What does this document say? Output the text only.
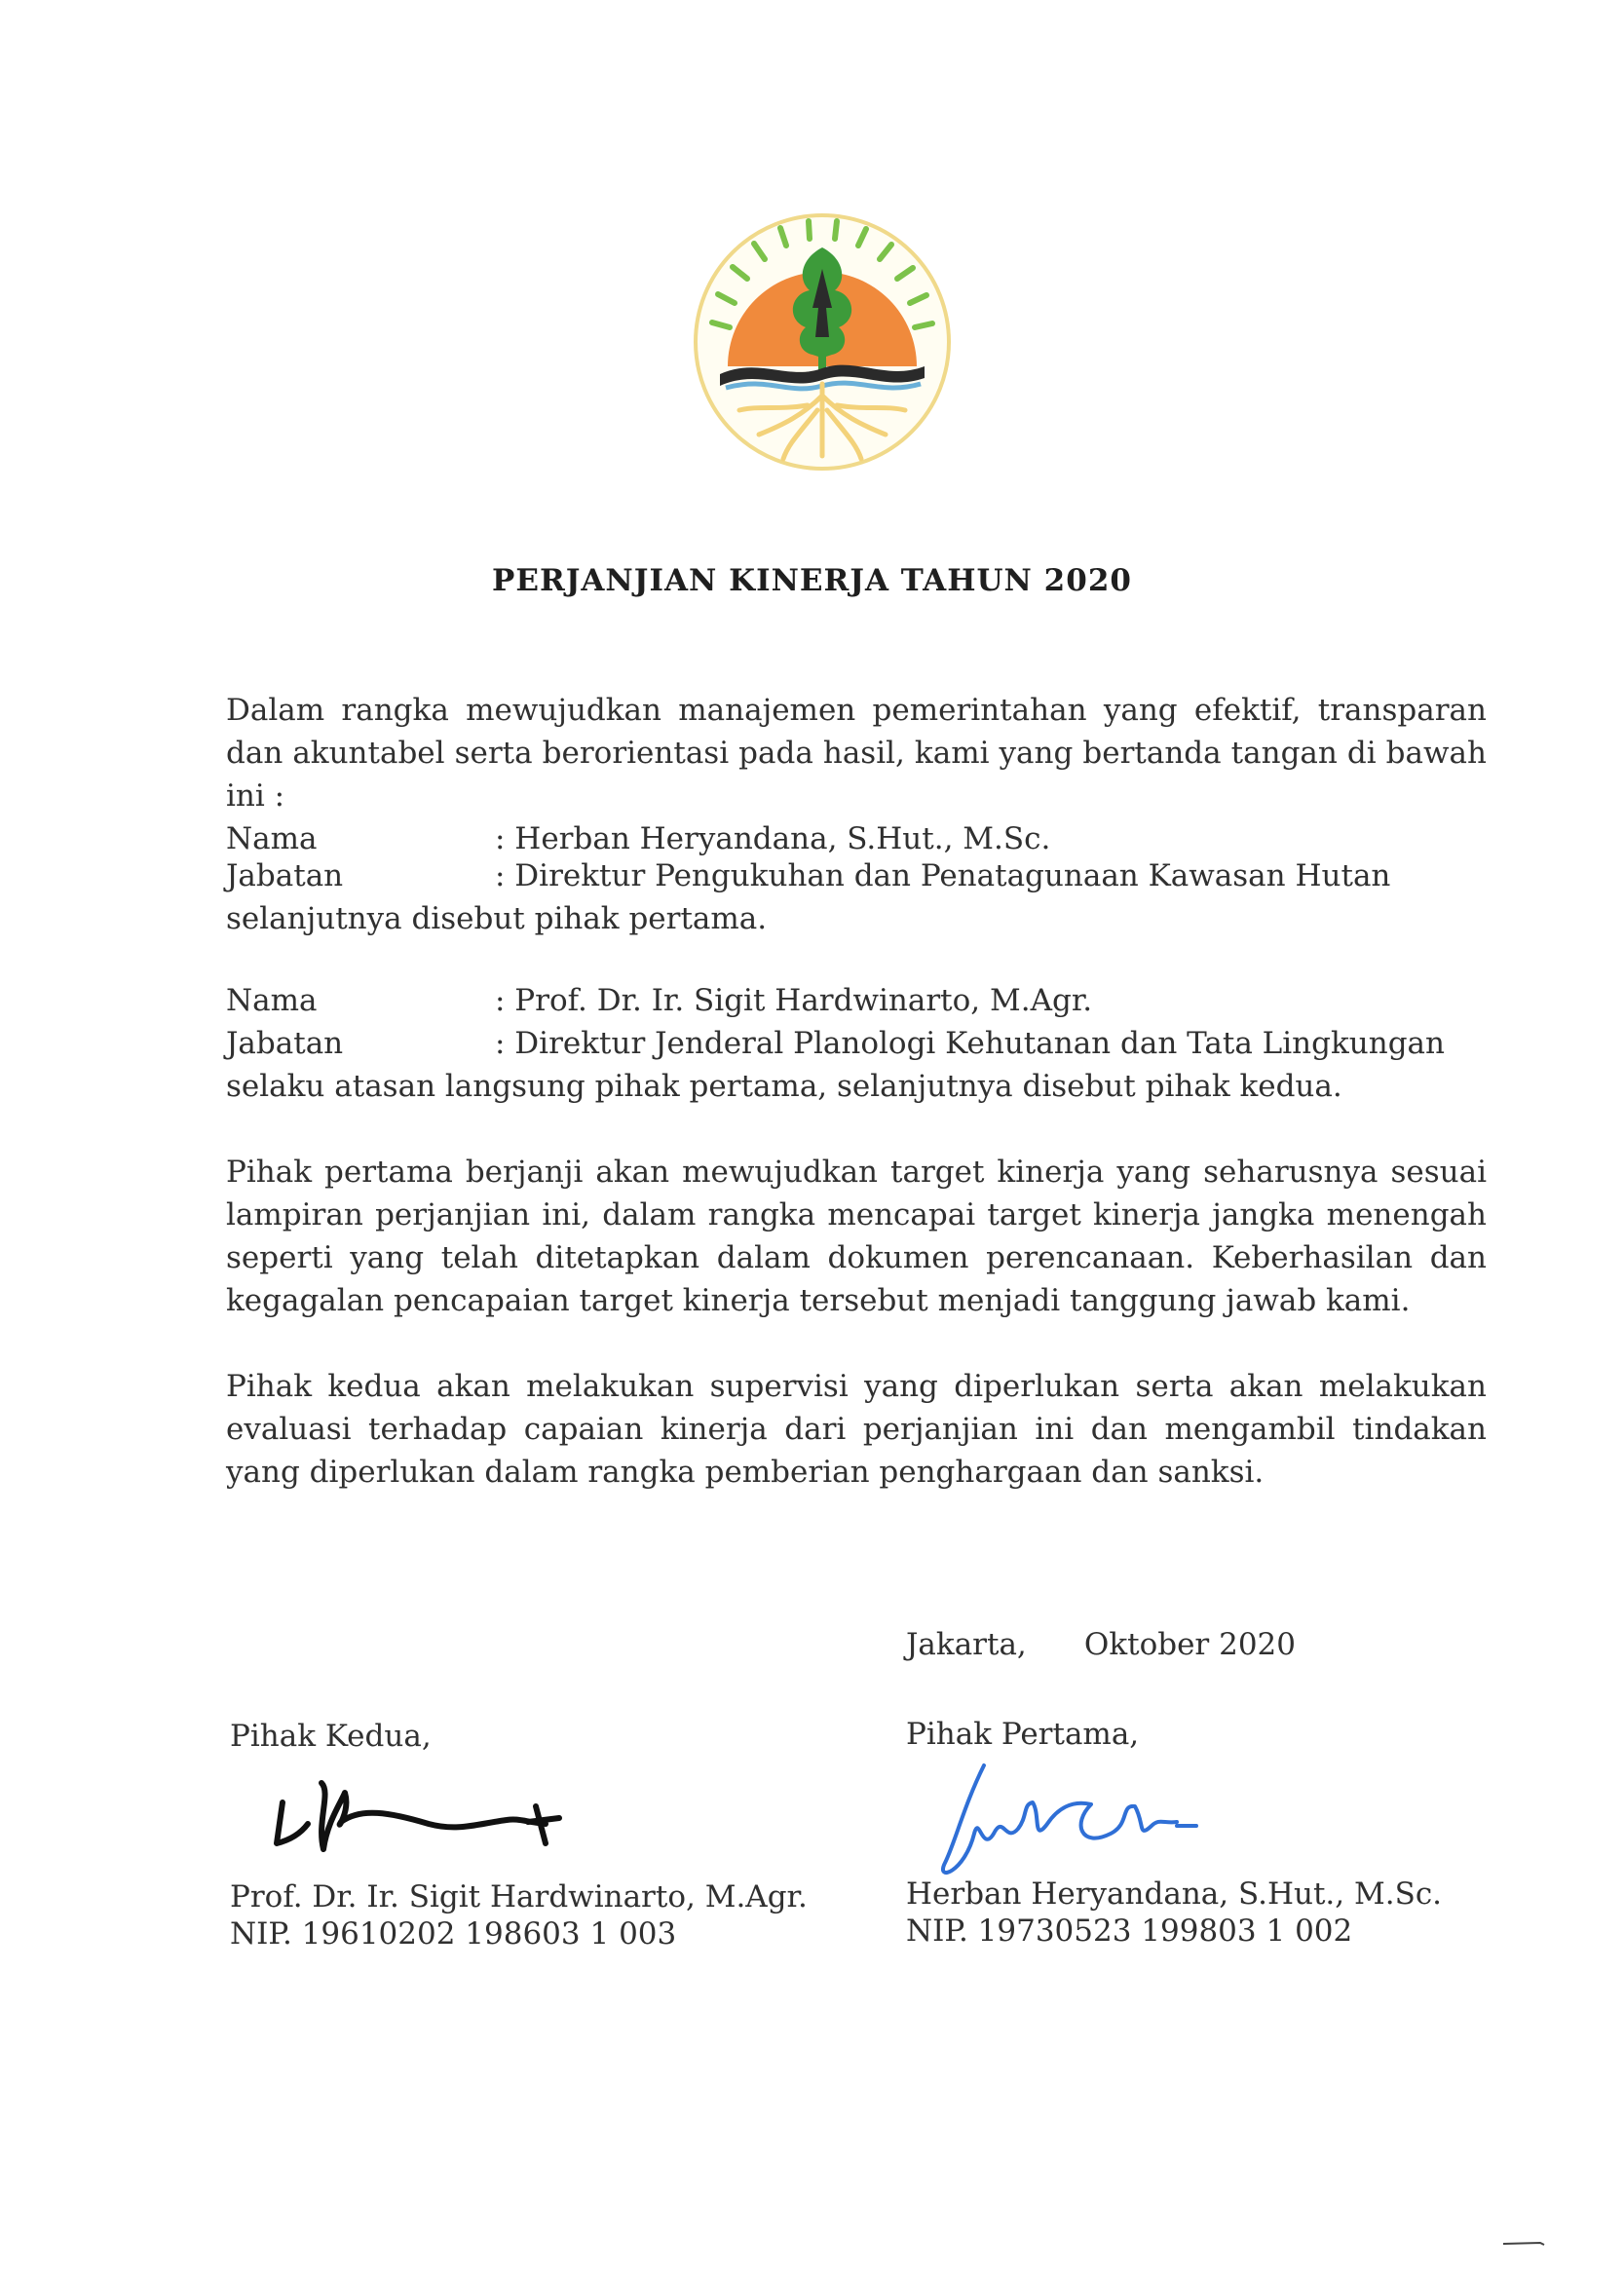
PERJANJIAN KINERJA TAHUN 2020

Dalam rangka mewujudkan manajemen pemerintahan yang efektif, transparan dan akuntabel serta berorientasi pada hasil, kami yang bertanda tangan di bawah ini :

Nama	: Herban Heryandana, S.Hut., M.Sc.
Jabatan	: Direktur Pengukuhan dan Penatagunaan Kawasan Hutan

selanjutnya disebut pihak pertama.

Nama	: Prof. Dr. Ir. Sigit Hardwinarto, M.Agr.
Jabatan	: Direktur Jenderal Planologi Kehutanan dan Tata Lingkungan

selaku atasan langsung pihak pertama, selanjutnya disebut pihak kedua.

Pihak pertama berjanji akan mewujudkan target kinerja yang seharusnya sesuai lampiran perjanjian ini, dalam rangka mencapai target kinerja jangka menengah seperti yang telah ditetapkan dalam dokumen perencanaan. Keberhasilan dan kegagalan pencapaian target kinerja tersebut menjadi tanggung jawab kami.

Pihak kedua akan melakukan supervisi yang diperlukan serta akan melakukan evaluasi terhadap capaian kinerja dari perjanjian ini dan mengambil tindakan yang diperlukan dalam rangka pemberian penghargaan dan sanksi.

Jakarta,      Oktober 2020
Pihak Kedua,
Prof. Dr. Ir. Sigit Hardwinarto, M.Agr.
NIP. 19610202 198603 1 003
Pihak Pertama,
Herban Heryandana, S.Hut., M.Sc.
NIP. 19730523 199803 1 002
